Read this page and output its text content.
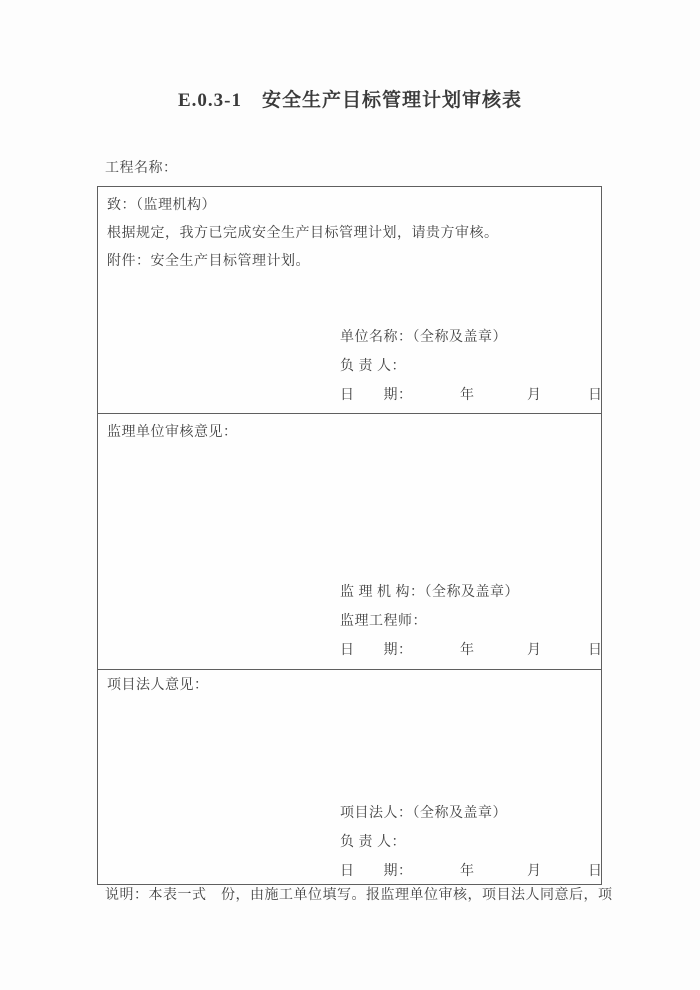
E.0.3-1　安全生产目标管理计划审核表
工程名称：
致：（监理机构）
根据规定，我方已完成安全生产目标管理计划，请贵方审核。
附件：安全生产目标管理计划。
单位名称：（全称及盖章）
负 责 人：

日　　期：

	年

	月

	日

监理单位审核意见：
监 理 机 构：（全称及盖章）
监理工程师：

日　　期：

	年

	月

	日

项目法人意见：
项目法人：（全称及盖章）
负 责 人：

日　　期：

	年

	月

	日

说明：本表一式　份，由施工单位填写。报监理单位审核，项目法人同意后，项
